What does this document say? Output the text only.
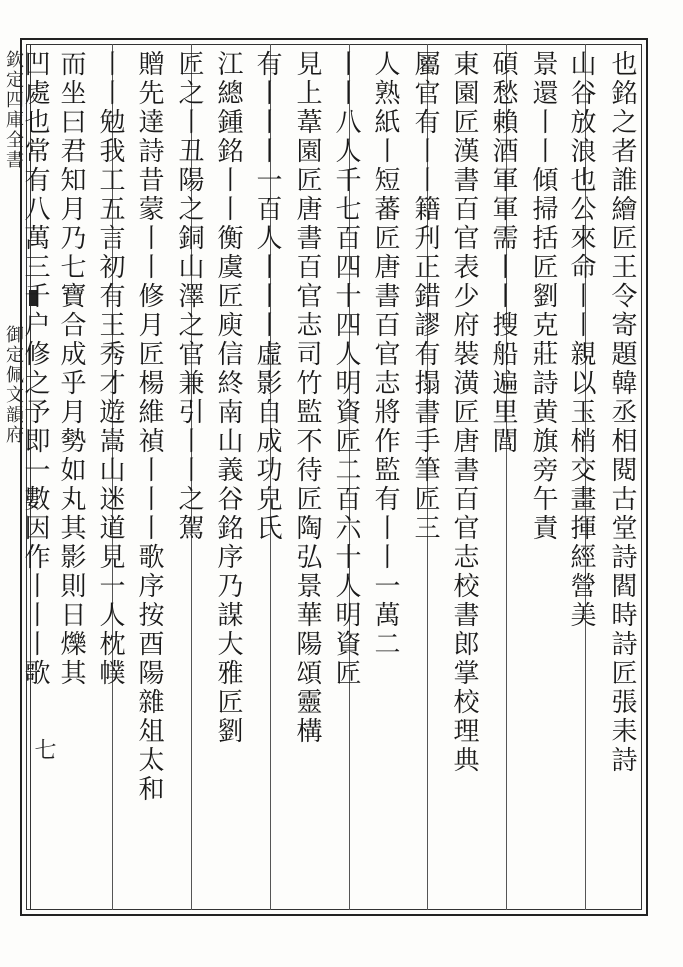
欽定四庫全書
御定佩文韻府
七	也銘之者誰繪匠王令寄題韓丞相閱古堂詩閻時詩匠張耒詩
山谷放浪也公來命丨丨親以玉梢交畫揮經營美
景還丨丨傾掃括匠劉克莊詩黄旗旁午責
碩愁賴酒軍軍需丨丨搜船遍里閭
東園匠漢書百官表少府裝潢匠唐書百官志校書郎掌校理典
屬官有丨丨籍刋正錯謬有搨書手筆匠三
人熟紙丨短蕃匠唐書百官志將作監有丨丨一萬二
丨丨八人千七百四十四人明資匠二百六十人明資匠
見上葦園匠唐書百官志司竹監不待匠陶弘景華陽頌靈構
有丨丨丨一百人丨丨丨虛影自成功皃氏
江總鍾銘丨丨衡虞匠庾信終南山義谷銘序乃謀大雅匠劉
匠之丨丑陽之銅山澤之官兼引丨丨之駕
贈先達詩昔蒙丨丨修月匠楊維禎丨丨丨歌序按酉陽雜俎太和
丨丨勉我工五言初有王秀才遊嵩山迷道見一人枕幞
而坐曰君知月乃七寶合成乎月勢如丸其影則日爍其
凹處也常有八萬三千户修之予即一數因作丨丨丨歌
